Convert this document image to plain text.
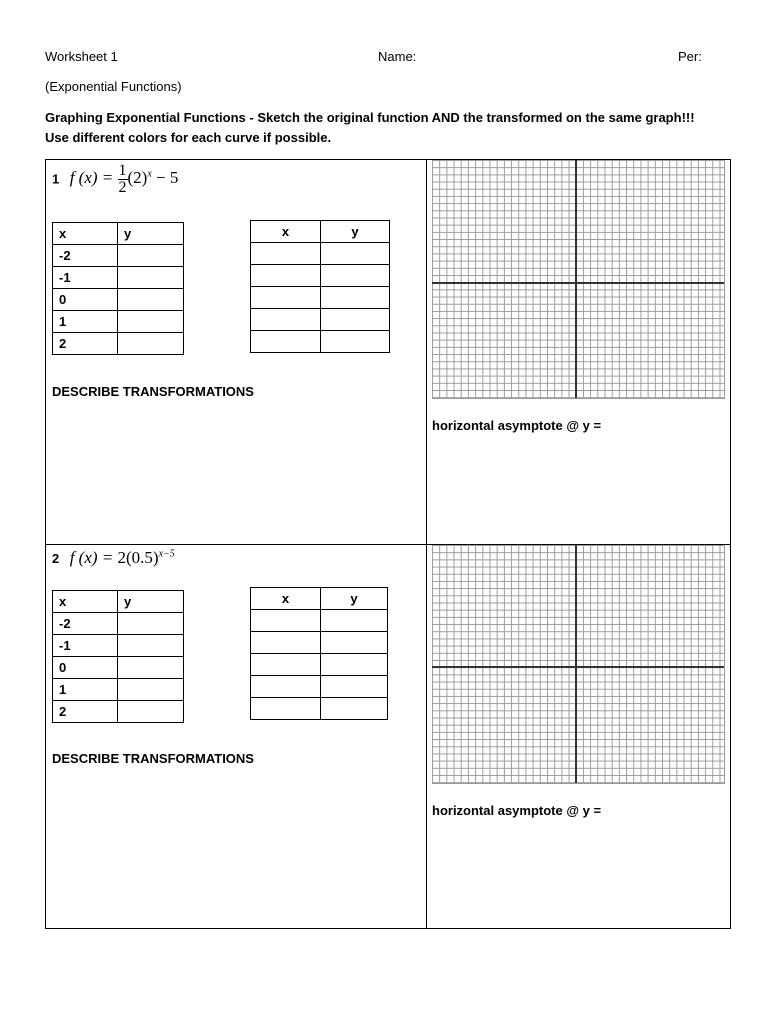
Worksheet 1	Name:	Per:
(Exponential Functions)
Graphing Exponential Functions - Sketch the original function AND the transformed on the same graph!!!
Use different colors for each curve if possible.
1 f $(x) = \frac{1}{2} (2)^x - 5$
x	y
-2	
-1	
0	
1	
2	
x	y

DESCRIBE TRANSFORMATIONS
horizontal asymptote @ y =
2 f $(x) = 2(0.5)^{x-5}$
x	y
-2	
-1	
0	
1	
2	
x	y

DESCRIBE TRANSFORMATIONS
horizontal asymptote @ y =
